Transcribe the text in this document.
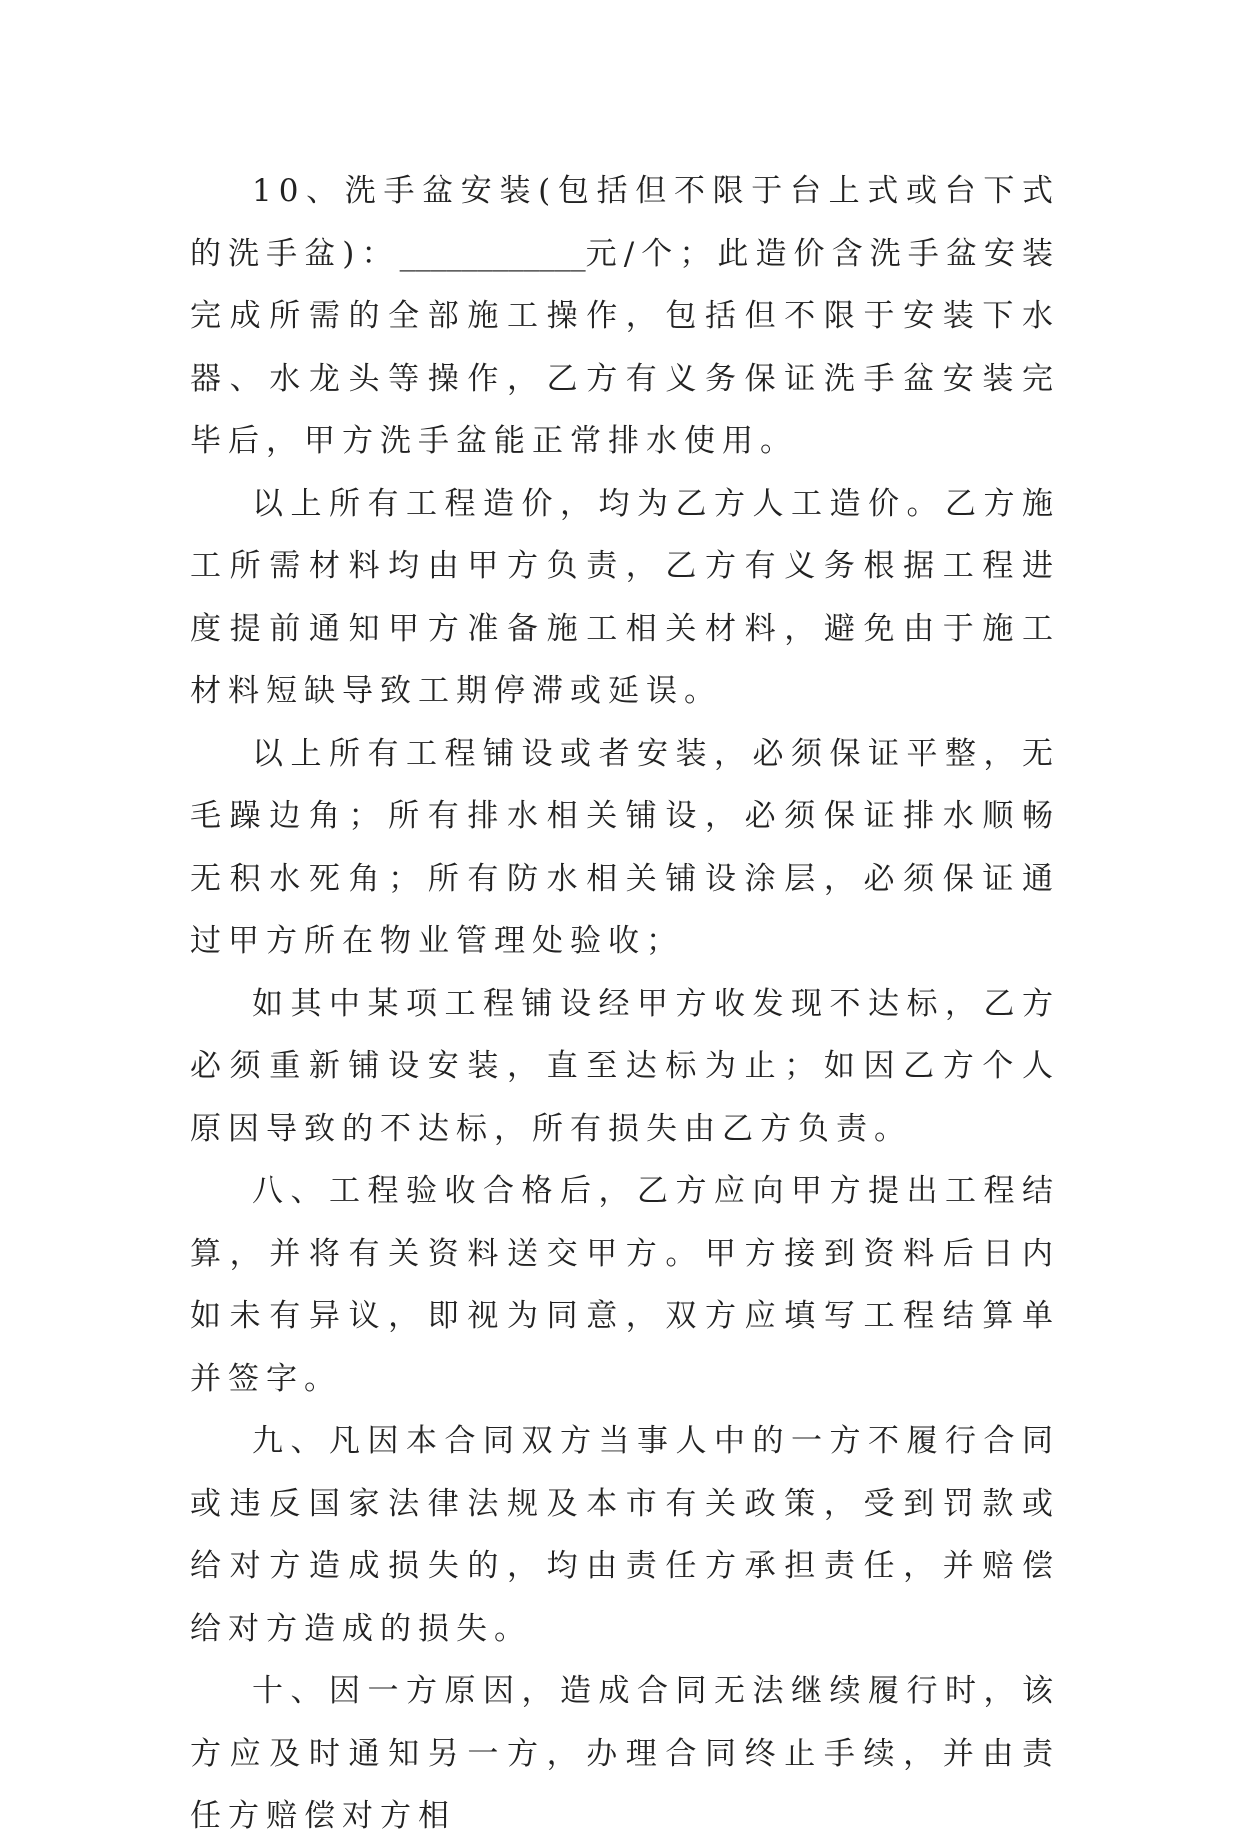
10、洗手盆安装(包括但不限于台上式或台下式的洗手盆)：____________元/个；此造价含洗手盆安装完成所需的全部施工操作，包括但不限于安装下水器、水龙头等操作，乙方有义务保证洗手盆安装完毕后，甲方洗手盆能正常排水使用。

以上所有工程造价，均为乙方人工造价。乙方施工所需材料均由甲方负责，乙方有义务根据工程进度提前通知甲方准备施工相关材料，避免由于施工材料短缺导致工期停滞或延误。

以上所有工程铺设或者安装，必须保证平整，无毛躁边角；所有排水相关铺设，必须保证排水顺畅无积水死角；所有防水相关铺设涂层，必须保证通过甲方所在物业管理处验收；

如其中某项工程铺设经甲方收发现不达标，乙方必须重新铺设安装，直至达标为止；如因乙方个人原因导致的不达标，所有损失由乙方负责。

八、工程验收合格后，乙方应向甲方提出工程结算，并将有关资料送交甲方。甲方接到资料后日内如未有异议，即视为同意，双方应填写工程结算单并签字。

九、凡因本合同双方当事人中的一方不履行合同或违反国家法律法规及本市有关政策，受到罚款或给对方造成损失的，均由责任方承担责任，并赔偿给对方造成的损失。

十、因一方原因，造成合同无法继续履行时，该方应及时通知另一方，办理合同终止手续，并由责任方赔偿对方相
